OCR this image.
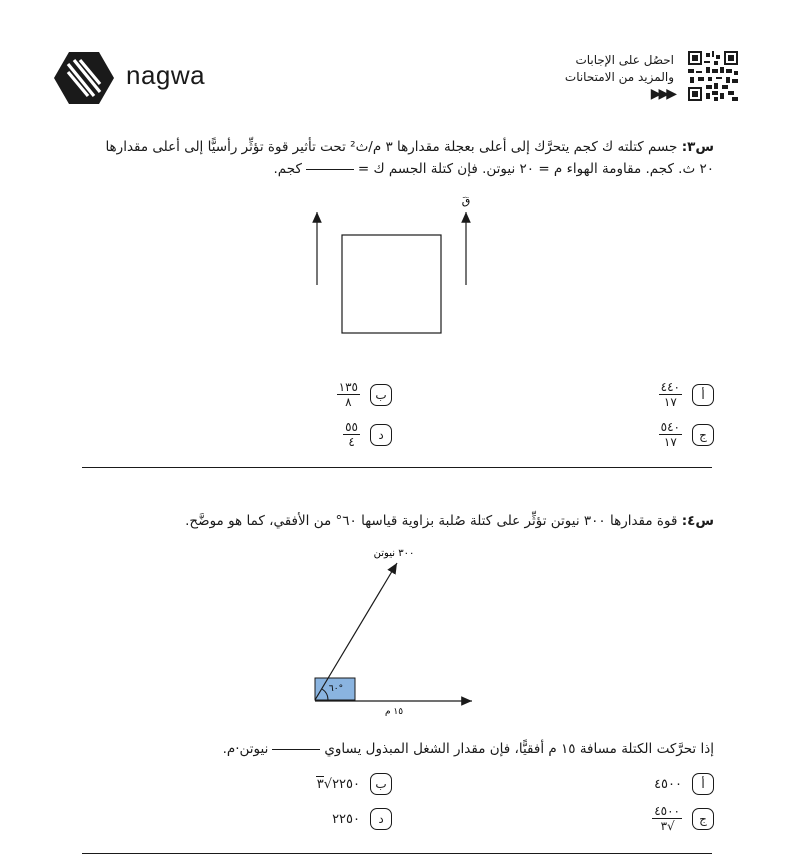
nagwa	احصُل على الإجابات
والمزيد من الامتحانات
▶▶▶
س٣: جسم كتلته ك كجم يتحرَّك إلى أعلى بعجلة مقدارها ٣ م/ث² تحت تأثير قوة تؤثِّر رأسيًّا إلى أعلى مقدارها
٢٠ ث. كجم. مقاومة الهواء م = ٢٠ نيوتن. فإن كتلة الجسم ك =كجم.
قَ
أ
$\frac{٤٤٠}{١٧}$
ب
$\frac{١٣٥}{٨}$
ج
$\frac{٥٤٠}{١٧}$
د
$\frac{٥٥}{٤}$
س٤: قوة مقدارها ٣٠٠ نيوتن تؤثِّر على كتلة صُلبة بزاوية قياسها ٦٠° من الأفقي، كما هو موضَّح.
٣٠٠ نيوتن
٦٠°
١٥ م
إذا تحرَّكت الكتلة مسافة ١٥ م أفقيًّا، فإن مقدار الشغل المبذول يساوينيوتن·م.
أ
٤٥٠٠
ب
٢٢٥٠√٣
ج
$\frac{٤٥٠٠}{√٣}$
د
٢٢٥٠
